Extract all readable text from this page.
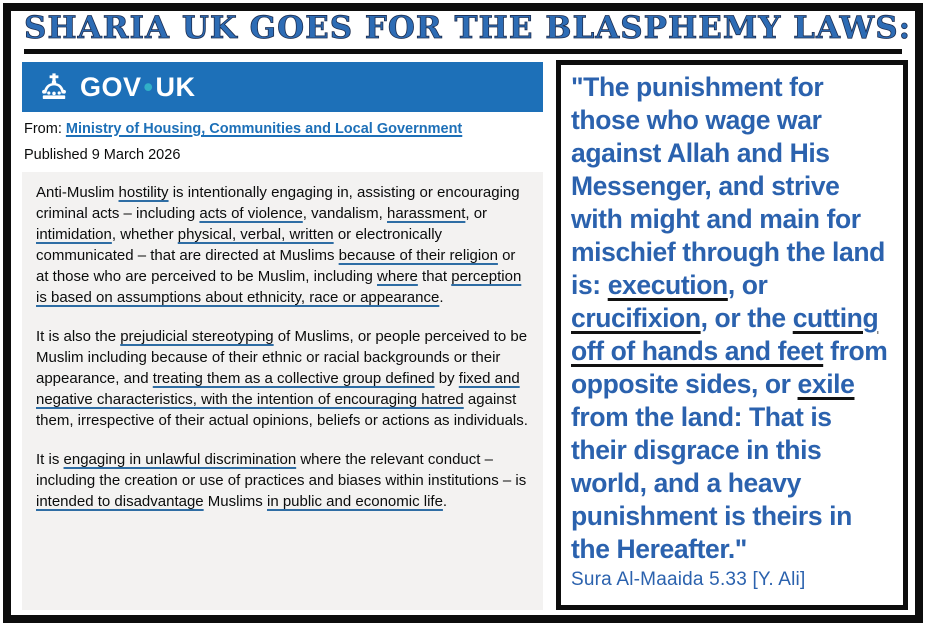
SHARIA UK GOES FOR THE BLASPHEMY LAWS:
GOV • UK
From: Ministry of Housing, Communities and Local Government
Published 9 March 2026

Anti-Muslim hostility is intentionally engaging in, assisting or encouraging criminal acts – including acts of violence, vandalism, harassment, or intimidation, whether physical, verbal, written or electronically communicated – that are directed at Muslims because of their religion or at those who are perceived to be Muslim, including where that perception is based on assumptions about ethnicity, race or appearance.

It is also the prejudicial stereotyping of Muslims, or people perceived to be Muslim including because of their ethnic or racial backgrounds or their appearance, and treating them as a collective group defined by fixed and negative characteristics, with the intention of encouraging hatred against them, irrespective of their actual opinions, beliefs or actions as individuals.

It is engaging in unlawful discrimination where the relevant conduct – including the creation or use of practices and biases within institutions – is intended to disadvantage Muslims in public and economic life.

"The punishment for those who wage war against Allah and His Messenger, and strive with might and main for mischief through the land is: execution, or crucifixion, or the cutting off of hands and feet from opposite sides, or exile from the land: That is their disgrace in this world, and a heavy punishment is theirs in the Hereafter."
Sura Al-Maaida 5.33 [Y. Ali]
